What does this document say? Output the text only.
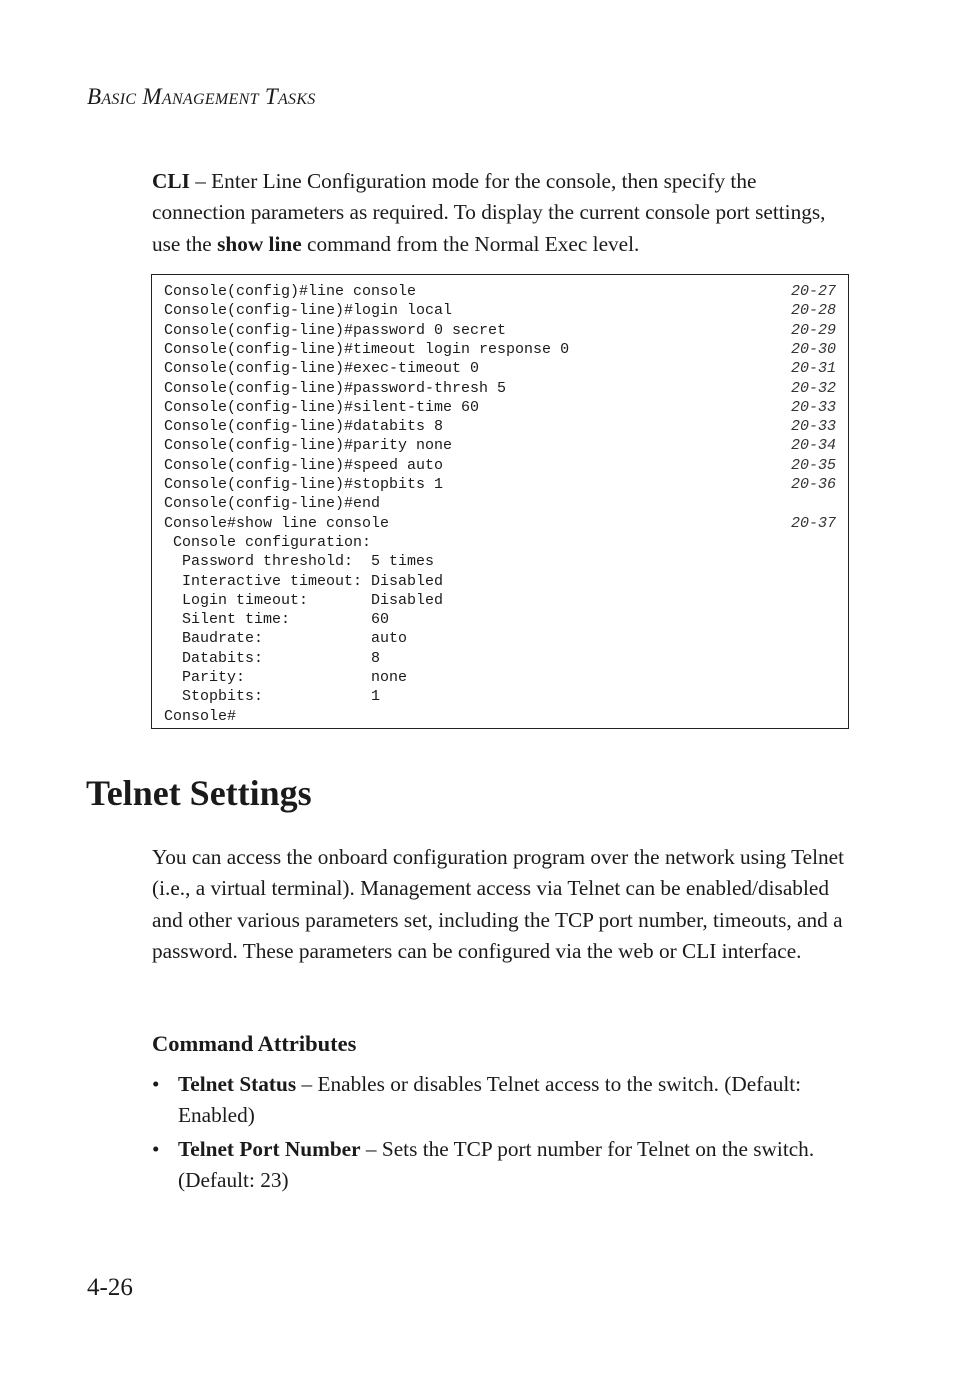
BASIC MANAGEMENT TASKS
CLI – Enter Line Configuration mode for the console, then specify the connection parameters as required. To display the current console port settings, use the show line command from the Normal Exec level.
Console(config)#line console	20-27
Console(config-line)#login local	20-28
Console(config-line)#password 0 secret	20-29
Console(config-line)#timeout login response 0	20-30
Console(config-line)#exec-timeout 0	20-31
Console(config-line)#password-thresh 5	20-32
Console(config-line)#silent-time 60	20-33
Console(config-line)#databits 8	20-33
Console(config-line)#parity none	20-34
Console(config-line)#speed auto	20-35
Console(config-line)#stopbits 1	20-36
Console(config-line)#end
Console#show line console	20-37
Console configuration:
Password threshold:  5 times
Interactive timeout: Disabled
Login timeout:       Disabled
Silent time:         60
Baudrate:            auto
Databits:            8
Parity:              none
Stopbits:            1
Console#
Telnet Settings
You can access the onboard configuration program over the network using Telnet (i.e., a virtual terminal). Management access via Telnet can be enabled/disabled and other various parameters set, including the TCP port number, timeouts, and a password. These parameters can be configured via the web or CLI interface.
Command Attributes
• Telnet Status – Enables or disables Telnet access to the switch. (Default: Enabled)
• Telnet Port Number – Sets the TCP port number for Telnet on the switch. (Default: 23)
4-26
